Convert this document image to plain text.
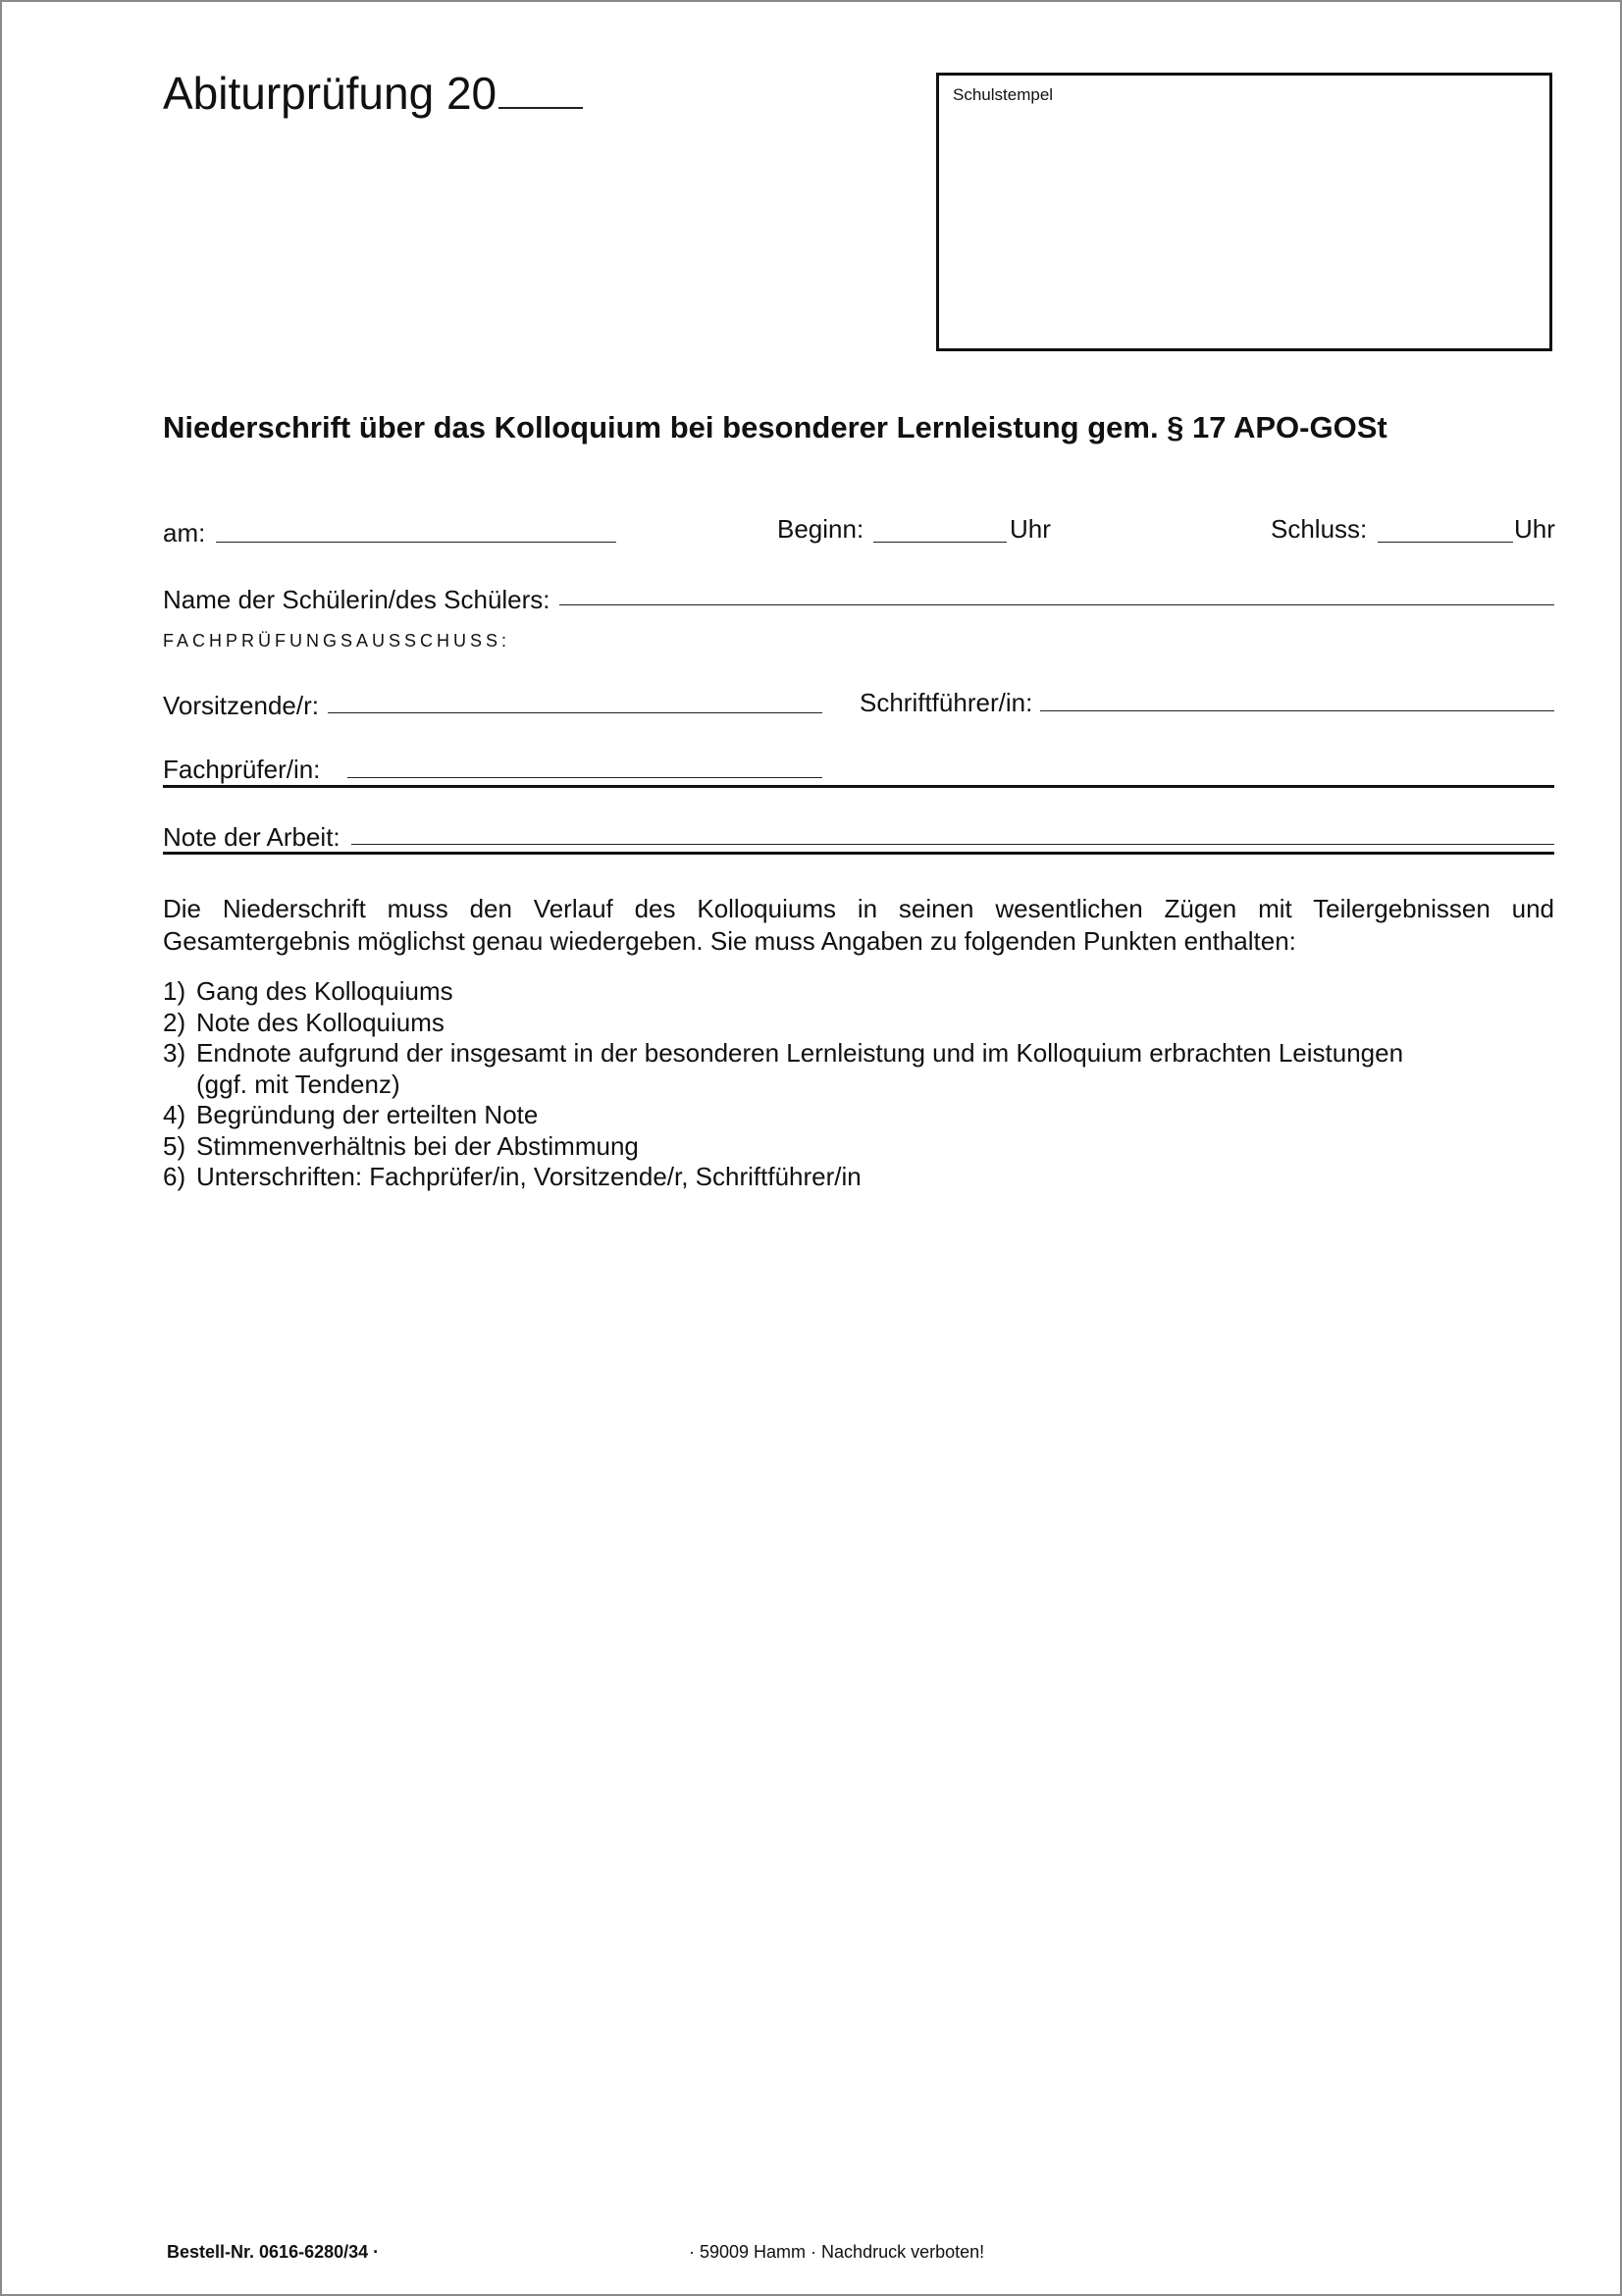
Abiturprüfung 20	Schulstempel
Niederschrift über das Kolloquium bei besonderer Lernleistung gem. § 17 APO-GOSt
am:	Beginn:	Uhr	Schluss:	Uhr
Name der Schülerin/des Schülers:
FACHPRÜFUNGSAUSSCHUSS:
Vorsitzende/r:	Schriftführer/in:
Fachprüfer/in:
Note der Arbeit:
Die Niederschrift muss den Verlauf des Kolloquiums in seinen wesentlichen Zügen mit Teilergebnissen und Gesamtergebnis möglichst genau wiedergeben. Sie muss Angaben zu folgenden Punkten enthalten:
1) Gang des Kolloquiums
2) Note des Kolloquiums
3) Endnote aufgrund der insgesamt in der besonderen Lernleistung und im Kolloquium erbrachten Leistungen
(ggf. mit Tendenz)
4) Begründung der erteilten Note
5) Stimmenverhältnis bei der Abstimmung
6) Unterschriften: Fachprüfer/in, Vorsitzende/r, Schriftführer/in
Bestell-Nr. 0616-6280/34 ·	· 59009 Hamm · Nachdruck verboten!
